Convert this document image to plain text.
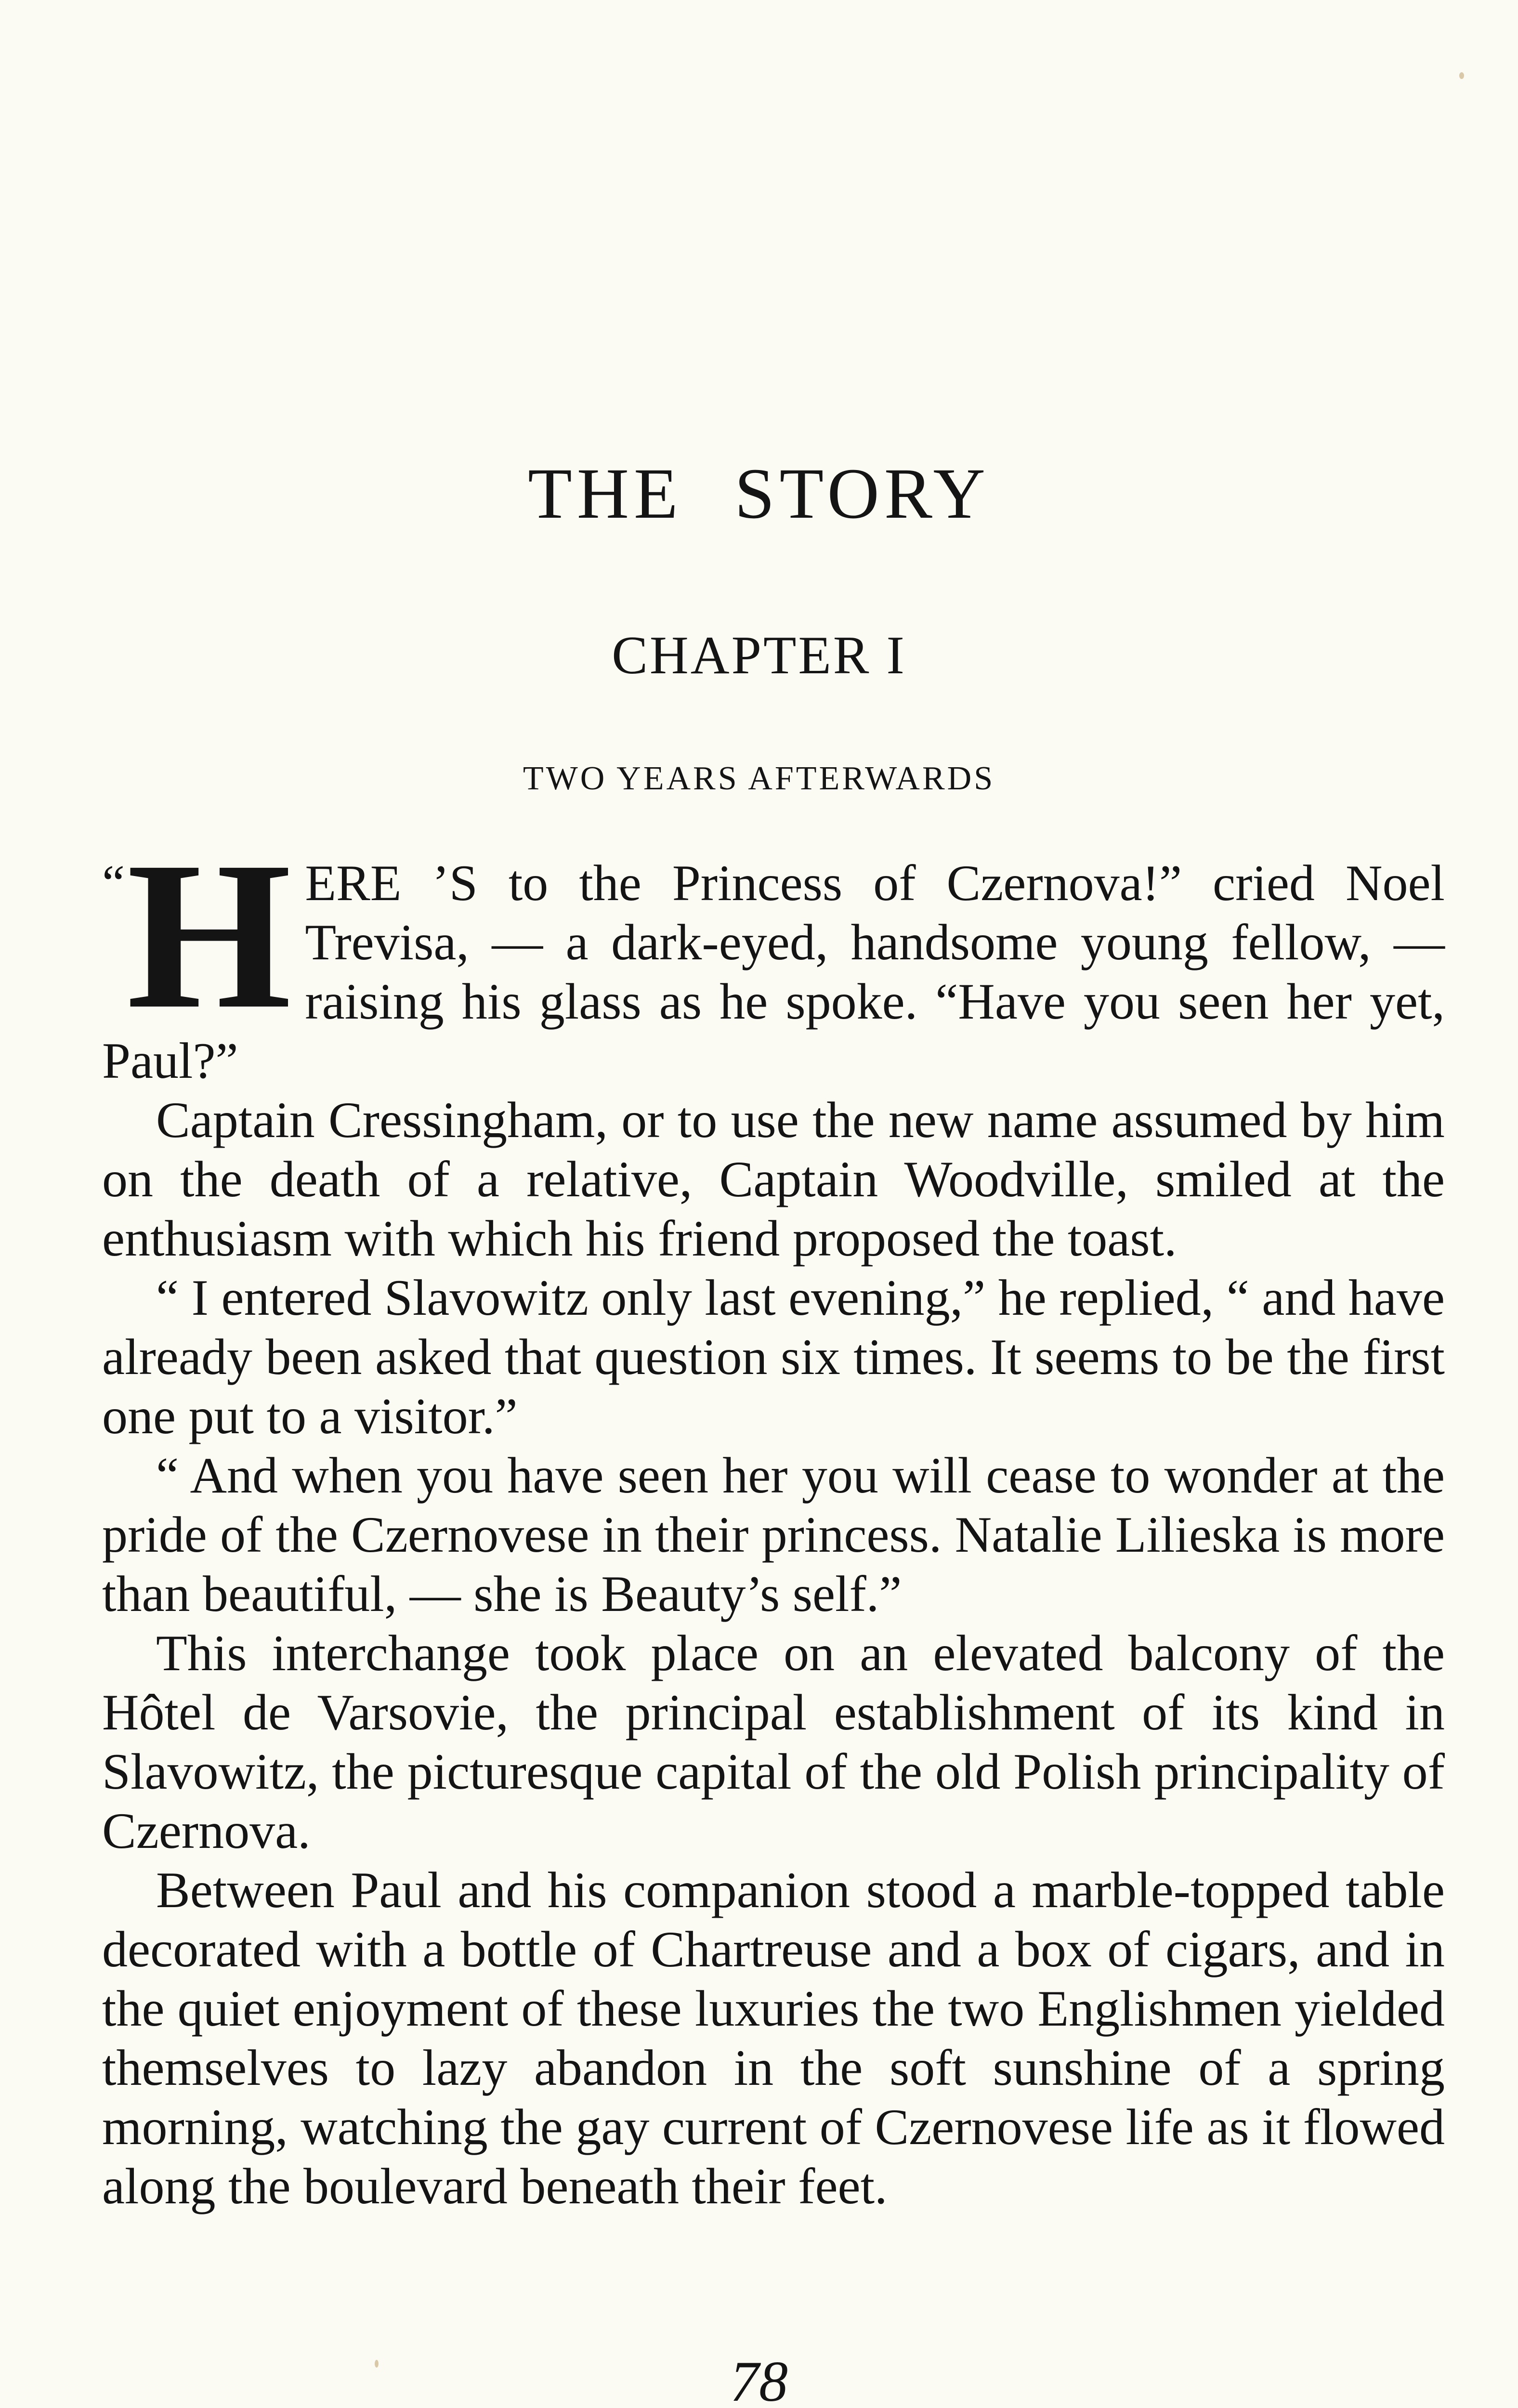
THE STORY
CHAPTER I
TWO YEARS AFTERWARDS

“ H ERE ’S to the Princess of Czernova!” cried Noel Trevisa, — a dark-eyed, handsome young fellow, — raising his glass as he spoke. “Have you seen her yet, Paul?”

Captain Cressingham, or to use the new name assumed by him on the death of a relative, Captain Woodville, smiled at the enthusiasm with which his friend proposed the toast.

“ I entered Slavowitz only last evening,” he replied, “ and have already been asked that question six times. It seems to be the first one put to a visitor.”

“ And when you have seen her you will cease to wonder at the pride of the Czernovese in their princess. Natalie Lilieska is more than beautiful, — she is Beauty’s self.”

This interchange took place on an elevated balcony of the Hôtel de Varsovie, the principal establishment of its kind in Slavowitz, the picturesque capital of the old Polish principality of Czernova.

Between Paul and his companion stood a marble-topped table decorated with a bottle of Chartreuse and a box of cigars, and in the quiet enjoyment of these luxuries the two Englishmen yielded themselves to lazy abandon in the soft sunshine of a spring morning, watching the gay current of Czernovese life as it flowed along the boulevard beneath their feet.

78
